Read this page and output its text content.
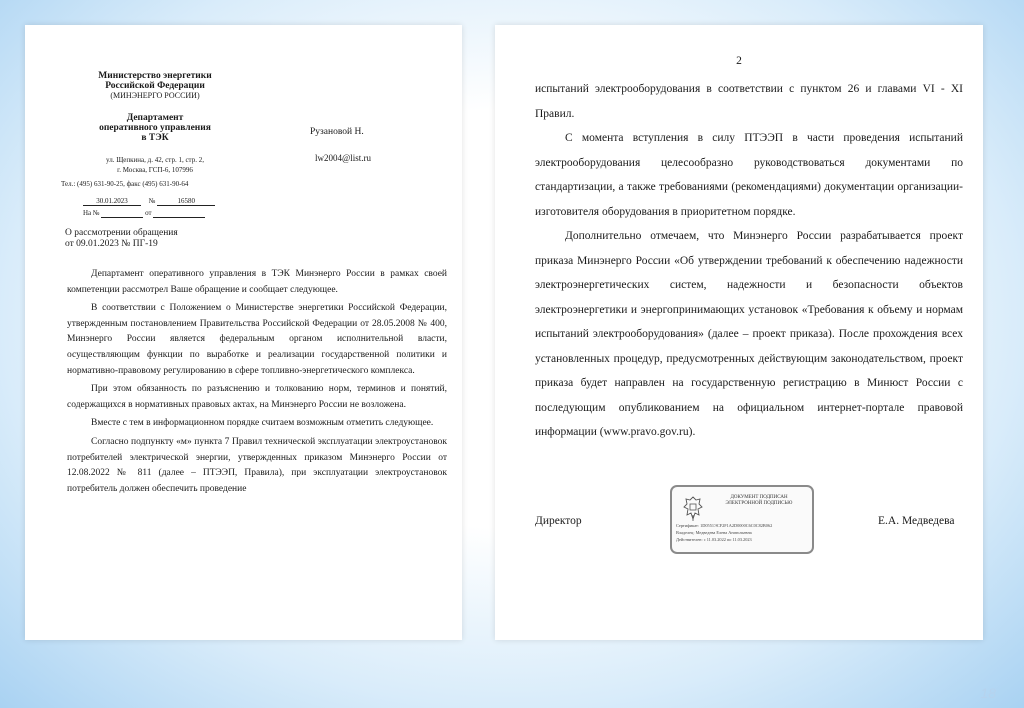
Министерство энергетики
Российской Федерации
(МИНЭНЕРГО РОССИИ)
Департамент
оперативного управления
в ТЭК
ул. Щепкина, д. 42, стр. 1, стр. 2,
г. Москва, ГСП-6, 107996
Тел.: (495) 631-90-25, факс (495) 631-90-64
30.01.2023	№	16580
На №	от
Рузановой Н.
lw2004@list.ru
О рассмотрении обращения
от 09.01.2023 № ПГ-19

Департамент оперативного управления в ТЭК Минэнерго России в рамках своей компетенции рассмотрел Ваше обращение и сообщает следующее.

В соответствии с Положением о Министерстве энергетики Российской Федерации, утвержденным постановлением Правительства Российской Федерации от 28.05.2008 № 400, Минэнерго России является федеральным органом исполнительной власти, осуществляющим функции по выработке и реализации государственной политики и нормативно-правовому регулированию в сфере топливно-энергетического комплекса.

При этом обязанность по разъяснению и толкованию норм, терминов и понятий, содержащихся в нормативных правовых актах, на Минэнерго России не возложена.

Вместе с тем в информационном порядке считаем возможным отметить следующее.

Согласно подпункту «м» пункта 7 Правил технической эксплуатации электроустановок потребителей электрической энергии, утвержденных приказом Минэнерго России от 12.08.2022 № 811 (далее – ПТЭЭП, Правила), при эксплуатации электроустановок потребитель должен обеспечить проведение

2

испытаний электрооборудования в соответствии с пунктом 26 и главами VI - XI Правил.

С момента вступления в силу ПТЭЭП в части проведения испытаний электрооборудования целесообразно руководствоваться документами по стандартизации, а также требованиями (рекомендациями) документации организации-изготовителя оборудования в приоритетном порядке.

Дополнительно отмечаем, что Минэнерго России разрабатывается проект приказа Минэнерго России «Об утверждении требований к обеспечению надежности электроэнергетических систем, надежности и безопасности объектов электроэнергетики и энергопринимающих установок «Требования к объему и нормам испытаний электрооборудования» (далее – проект приказа). После прохождения всех установленных процедур, предусмотренных действующим законодательством, проект приказа будет направлен на государственную регистрацию в Минюст России с последующим опубликованием на официальном интернет-портале правовой информации (www.pravo.gov.ru).

Директор	Е.А. Медведева
ДОКУМЕНТ ПОДПИСАН
ЭЛЕКТРОННОЙ ПОДПИСЬЮ
Сертификат: 1D0551ЭCF2F1A2D0000C6C0C82B062
Владелец: Медведева Елена Анатольевна
Действителен: с 11.03.2022 по 11.03.2023
18
